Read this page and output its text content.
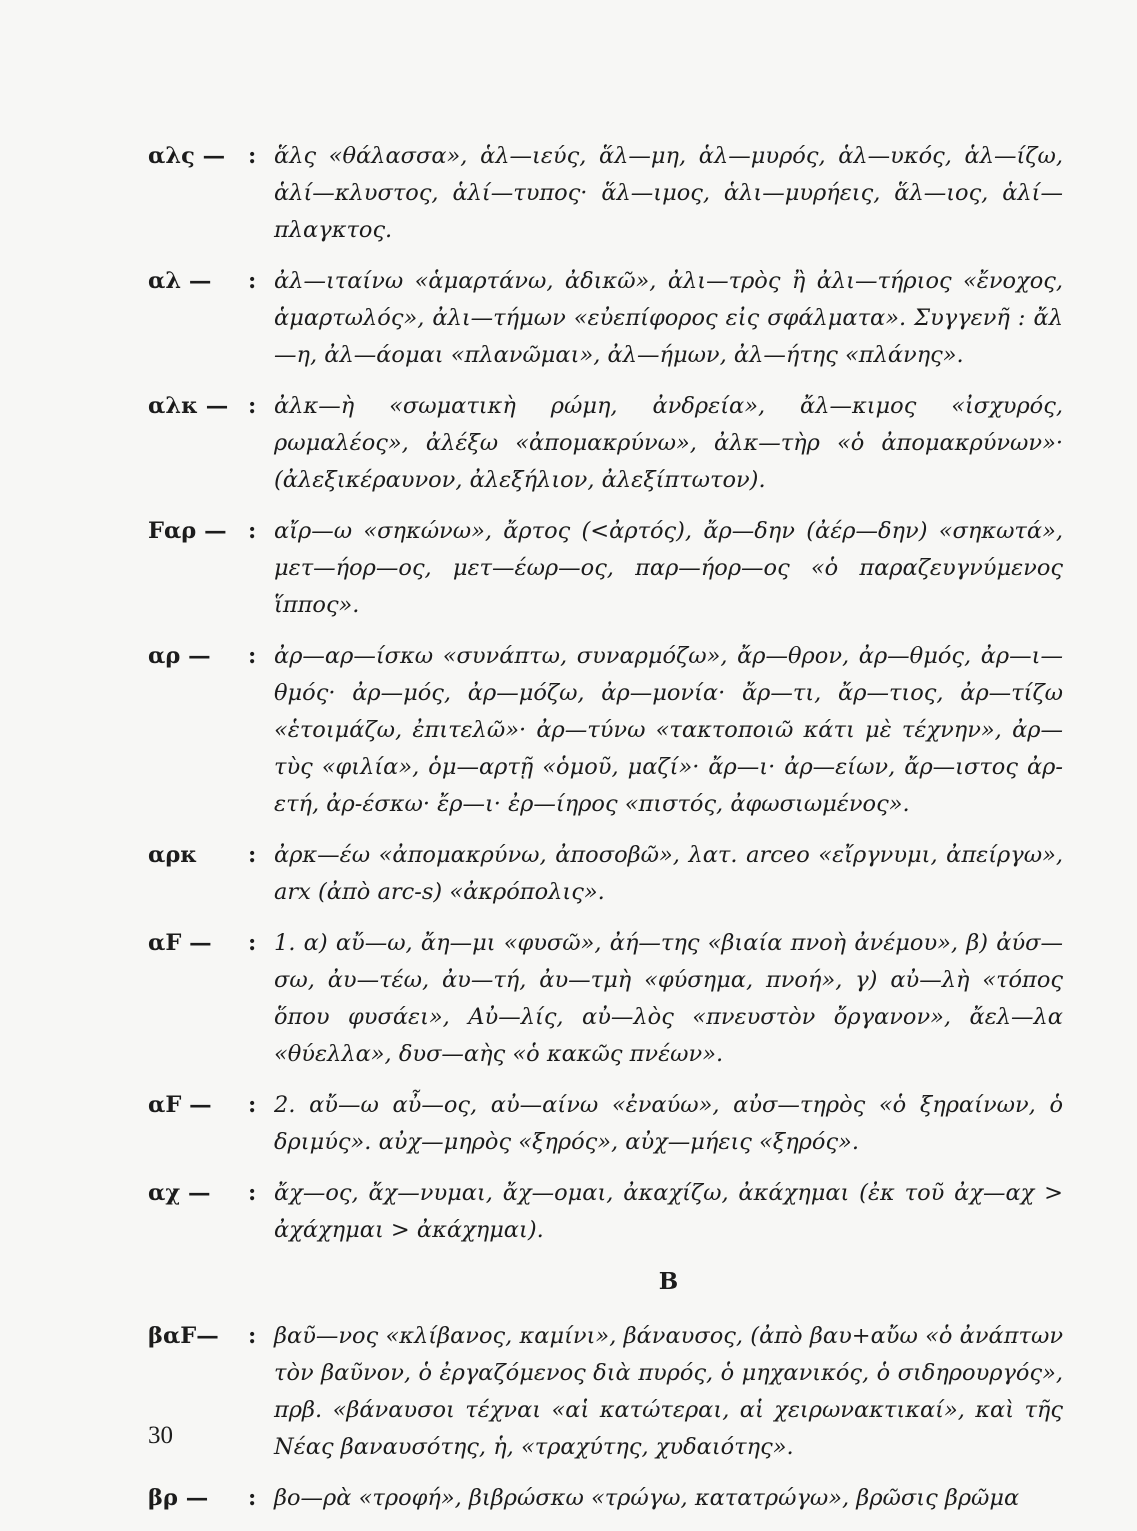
αλς —	: ἅλς «θάλασσα», ἁλ—ιεύς, ἅλ—μη, ἁλ—μυρός, ἁλ—υκός, ἁλ—ίζω, ἁλί—κλυστος, ἁλί—τυπος· ἅλ—ιμος, ἁλι—μυρήεις, ἅλ—ιος, ἁλί—πλαγκτος.
αλ —	: ἀλ—ιταίνω «ἁμαρτάνω, ἀδικῶ», ἀλι—τρὸς ἢ ἀλι—τήριος «ἔνοχος, ἁμαρτωλός», ἀλι—τήμων «εὐεπίφορος εἰς σφάλματα». Συγγενῆ : ἄλ—η, ἀλ—άομαι «πλανῶμαι», ἀλ—ήμων, ἀλ—ήτης «πλάνης».
αλκ — : ἀλκ—ὴ «σωματικὴ ρώμη, ἀνδρεία», ἄλ—κιμος «ἰσχυρός, ρωμαλέος», ἀλέξω «ἀπομακρύνω», ἀλκ—τὴρ «ὁ ἀπομακρύνων»· (ἀλεξικέραυνον, ἀλεξήλιον, ἀλεξίπτωτον).
Fαρ — : αἴρ—ω «σηκώνω», ἄρτος (<ἀρτός), ἄρ—δην (ἀέρ—δην) «σηκωτά», μετ—ήορ—ος, μετ—έωρ—ος, παρ—ήορ—ος «ὁ παραζευγνύμενος ἵππος».
αρ —	: ἀρ—αρ—ίσκω «συνάπτω, συναρμόζω», ἄρ—θρον, ἀρ—θμός, ἀρ—ι—θμός· ἀρ—μός, ἀρ—μόζω, ἀρ—μονία· ἄρ—τι, ἄρ—τιος, ἀρ—τίζω «ἑτοιμάζω, ἐπιτελῶ»· ἀρ—τύνω «τακτοποιῶ κάτι μὲ τέχνην», ἀρ—τὺς «φιλία», ὁμ—αρτῇ «ὁμοῦ, μαζί»· ἄρ—ι· ἀρ—είων, ἄρ—ιστος ἀρ-ετή, ἀρ-έσκω· ἔρ—ι· ἐρ—ίηρος «πιστός, ἀφωσιωμένος».
αρκ	: ἀρκ—έω «ἀπομακρύνω, ἀποσοβῶ», λατ. arceo «εἴργνυμι, ἀπείργω», arx (ἀπὸ arc-s) «ἀκρόπολις».
αF —	: 1. α) αὔ—ω, ἄη—μι «φυσῶ», ἀή—της «βιαία πνοὴ ἀνέμου», β) ἀύσ—σω, ἀυ—τέω, ἀυ—τή, ἀυ—τμὴ «φύσημα, πνοή», γ) αὐ—λὴ «τόπος ὅπου φυσάει», Αὐ—λίς, αὐ—λὸς «πνευστὸν ὄργανον», ἄελ—λα «θύελλα», δυσ—αὴς «ὁ κακῶς πνέων».
αF —	: 2. αὔ—ω αὖ—ος, αὐ—αίνω «ἐναύω», αὐσ—τηρὸς «ὁ ξηραίνων, ὁ δριμύς». αὐχ—μηρὸς «ξηρός», αὐχ—μήεις «ξηρός».
αχ —	: ἄχ—ος, ἄχ—νυμαι, ἄχ—ομαι, ἀκαχίζω, ἀκάχημαι (ἐκ τοῦ ἀχ—αχ > ἀχάχημαι > ἀκάχημαι).
B
βαF—	: βαῦ—νος «κλίβανος, καμίνι», βάναυσος, (ἀπὸ βαυ+αὔω «ὁ ἀνάπτων τὸν βαῦνον, ὁ ἐργαζόμενος διὰ πυρός, ὁ μηχανικός, ὁ σιδηρουργός», πρβ. «βάναυσοι τέχναι «αἱ κατώτεραι, αἱ χειρωνακτικαί», καὶ τῆς Νέας βαναυσότης, ἡ, «τραχύτης, χυδαιότης».
βρ —	: βο—ρὰ «τροφή», βιβρώσκω «τρώγω, κατατρώγω», βρῶσις βρῶμα
30
